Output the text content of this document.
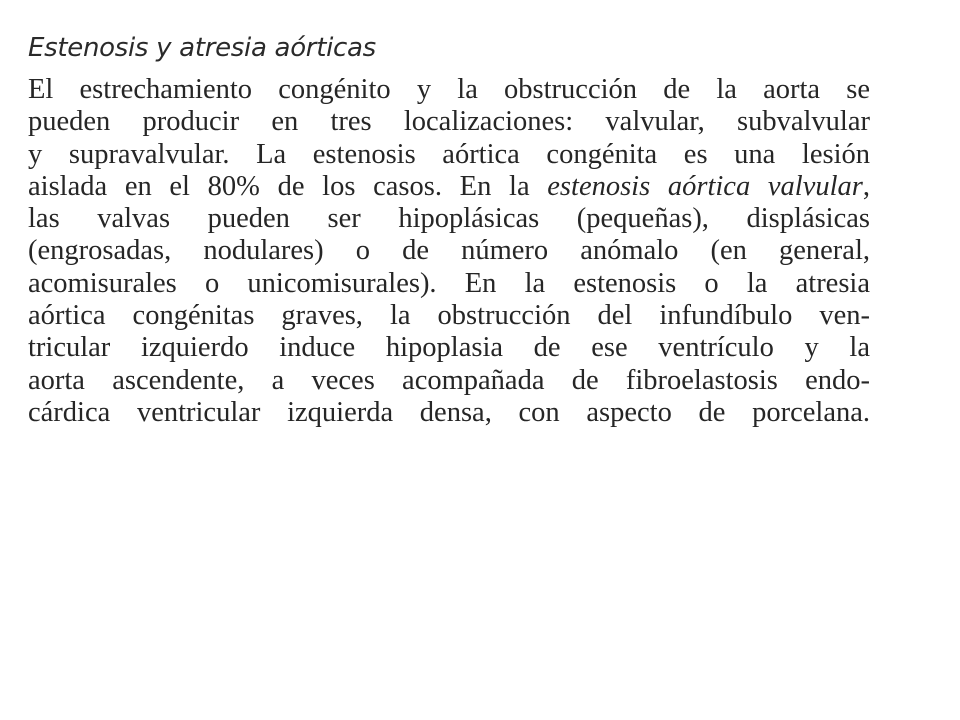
Estenosis y atresia aórticas

El estrechamiento congénito y la obstrucción de la aorta se
pueden producir en tres localizaciones: valvular, subvalvular
y supravalvular. La estenosis aórtica congénita es una lesión
aislada en el 80% de los casos. En la estenosis aórtica valvular,
las valvas pueden ser hipoplásicas (pequeñas), displásicas
(engrosadas, nodulares) o de número anómalo (en general,
acomisurales o unicomisurales). En la estenosis o la atresia
aórtica congénitas graves, la obstrucción del infundíbulo ven-
tricular izquierdo induce hipoplasia de ese ventrículo y la
aorta ascendente, a veces acompañada de fibroelastosis endo-
cárdica ventricular izquierda densa, con aspecto de porcelana.
